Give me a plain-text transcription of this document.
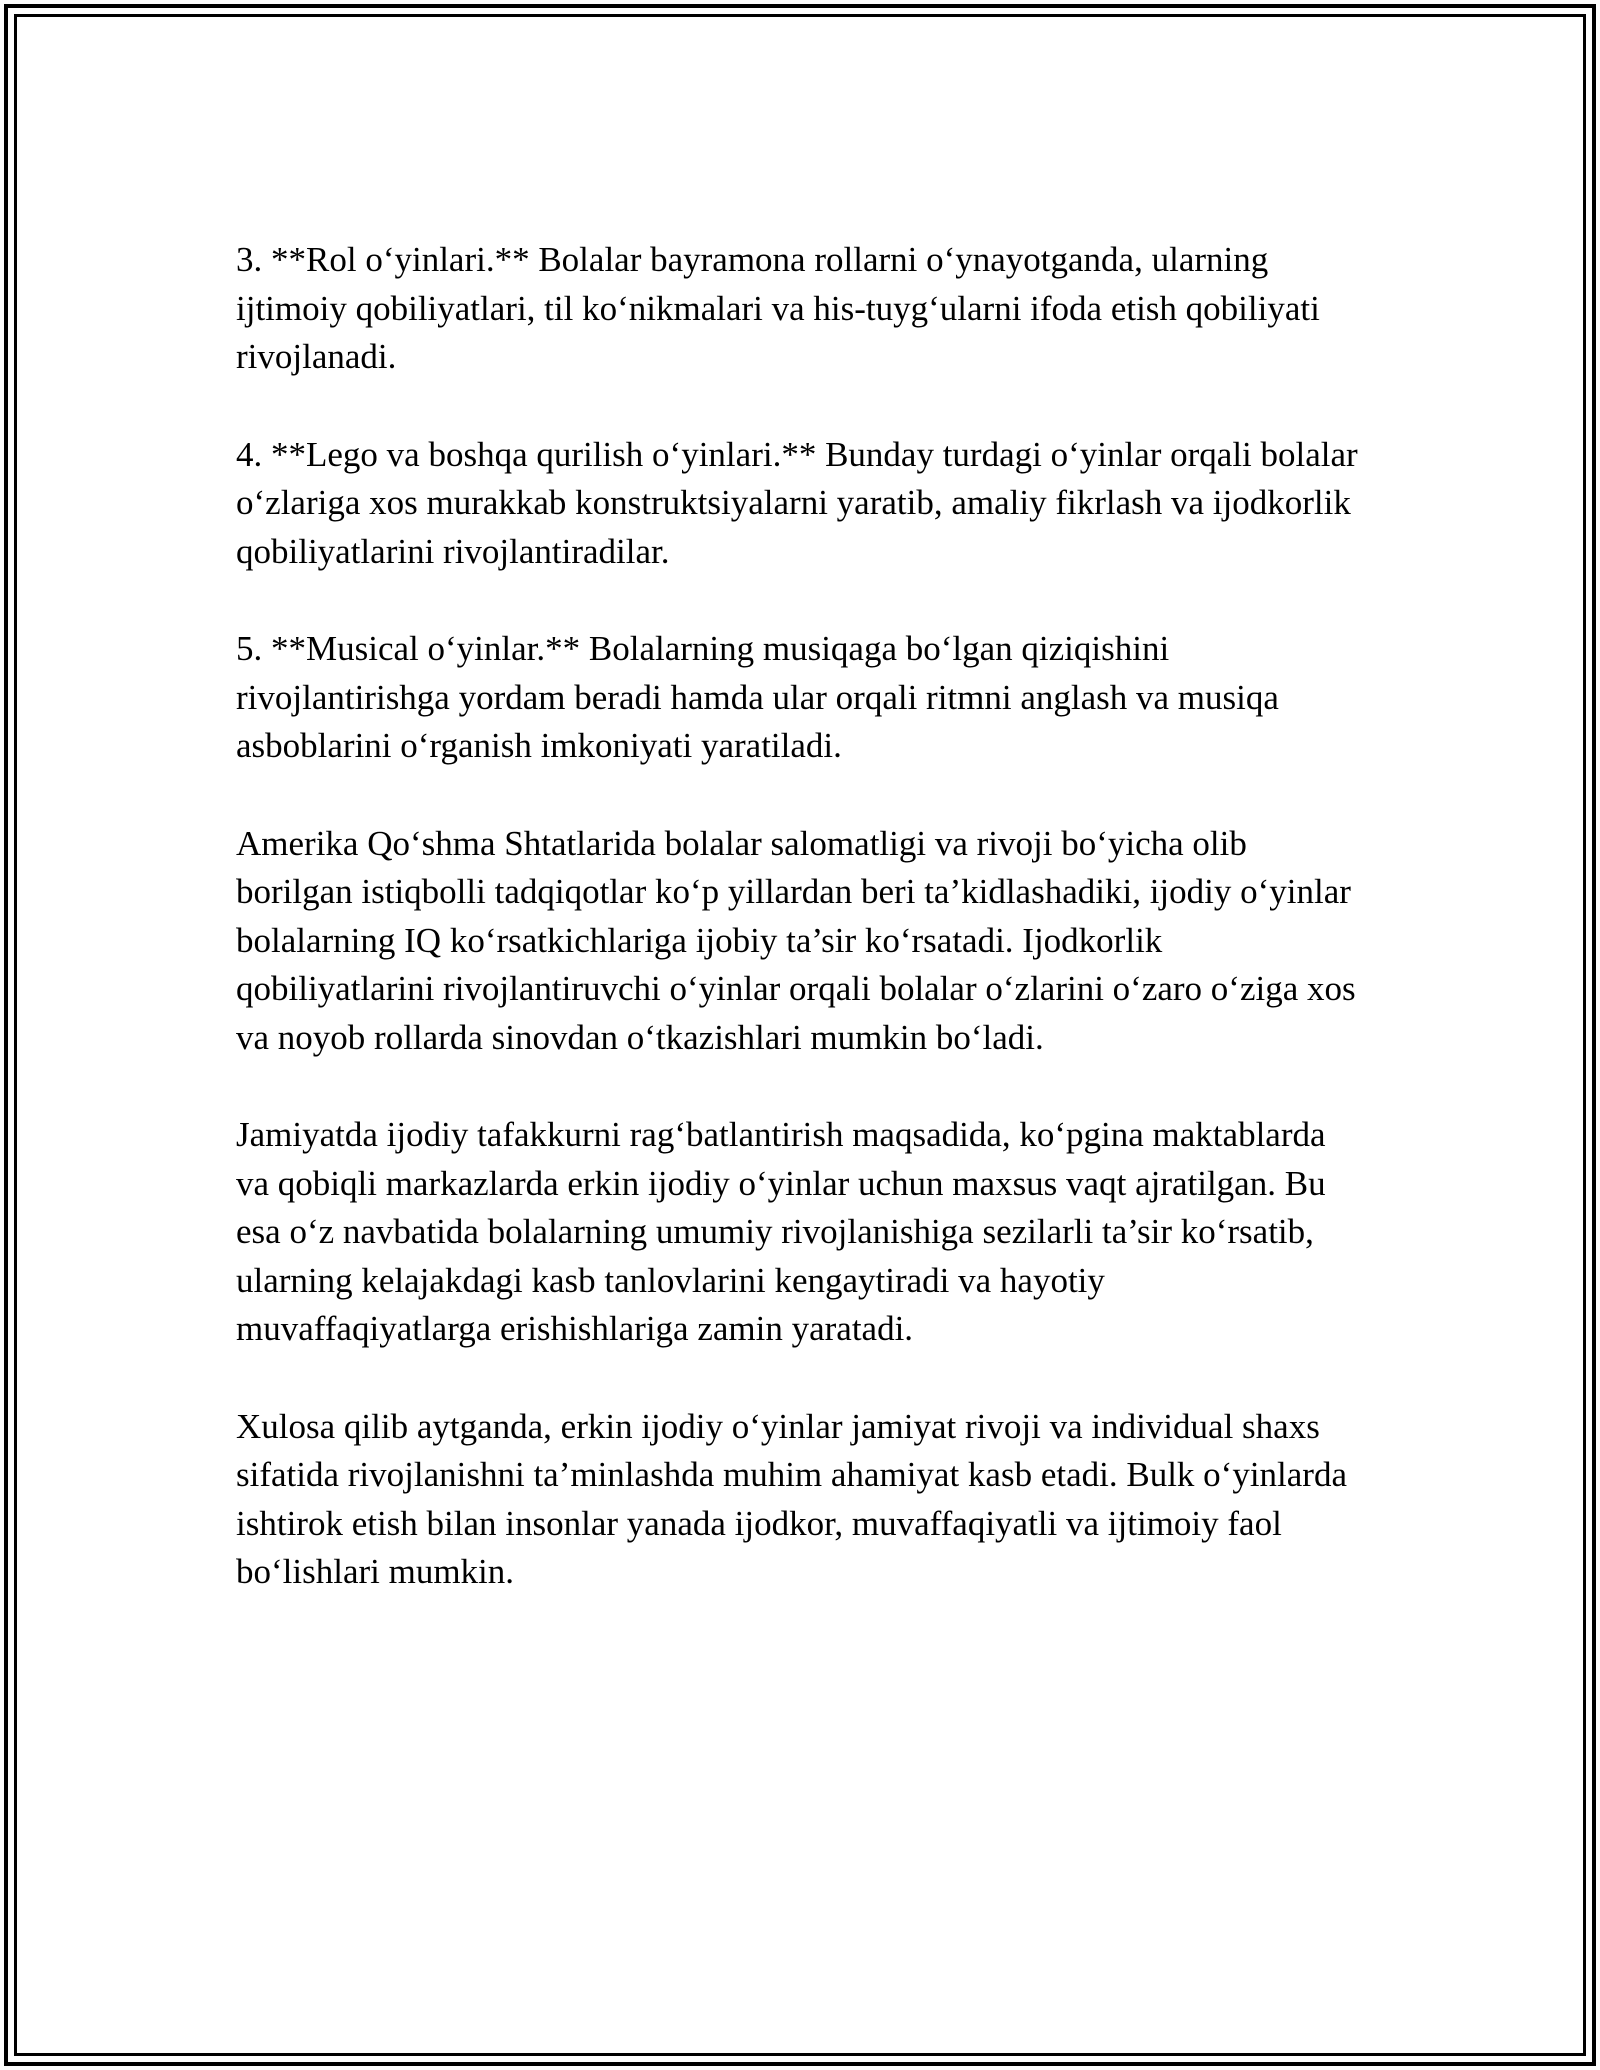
3. **Rol o‘yinlari.** Bolalar bayramona rollarni o‘ynayotganda, ularning ijtimoiy qobiliyatlari, til ko‘nikmalari va his-tuyg‘ularni ifoda etish qobiliyati rivojlanadi.

4. **Lego va boshqa qurilish o‘yinlari.** Bunday turdagi o‘yinlar orqali bolalar o‘zlariga xos murakkab konstruktsiyalarni yaratib, amaliy fikrlash va ijodkorlik qobiliyatlarini rivojlantiradilar.

5. **Musical o‘yinlar.** Bolalarning musiqaga bo‘lgan qiziqishini rivojlantirishga yordam beradi hamda ular orqali ritmni anglash va musiqa asboblarini o‘rganish imkoniyati yaratiladi.

Amerika Qo‘shma Shtatlarida bolalar salomatligi va rivoji bo‘yicha olib borilgan istiqbolli tadqiqotlar ko‘p yillardan beri ta’kidlashadiki, ijodiy o‘yinlar bolalarning IQ ko‘rsatkichlariga ijobiy ta’sir ko‘rsatadi. Ijodkorlik qobiliyatlarini rivojlantiruvchi o‘yinlar orqali bolalar o‘zlarini o‘zaro o‘ziga xos va noyob rollarda sinovdan o‘tkazishlari mumkin bo‘ladi.

Jamiyatda ijodiy tafakkurni rag‘batlantirish maqsadida, ko‘pgina maktablarda va qobiqli markazlarda erkin ijodiy o‘yinlar uchun maxsus vaqt ajratilgan. Bu esa o‘z navbatida bolalarning umumiy rivojlanishiga sezilarli ta’sir ko‘rsatib, ularning kelajakdagi kasb tanlovlarini kengaytiradi va hayotiy muvaffaqiyatlarga erishishlariga zamin yaratadi.

Xulosa qilib aytganda, erkin ijodiy o‘yinlar jamiyat rivoji va individual shaxs sifatida rivojlanishni ta’minlashda muhim ahamiyat kasb etadi. Bulk o‘yinlarda ishtirok etish bilan insonlar yanada ijodkor, muvaffaqiyatli va ijtimoiy faol bo‘lishlari mumkin.
